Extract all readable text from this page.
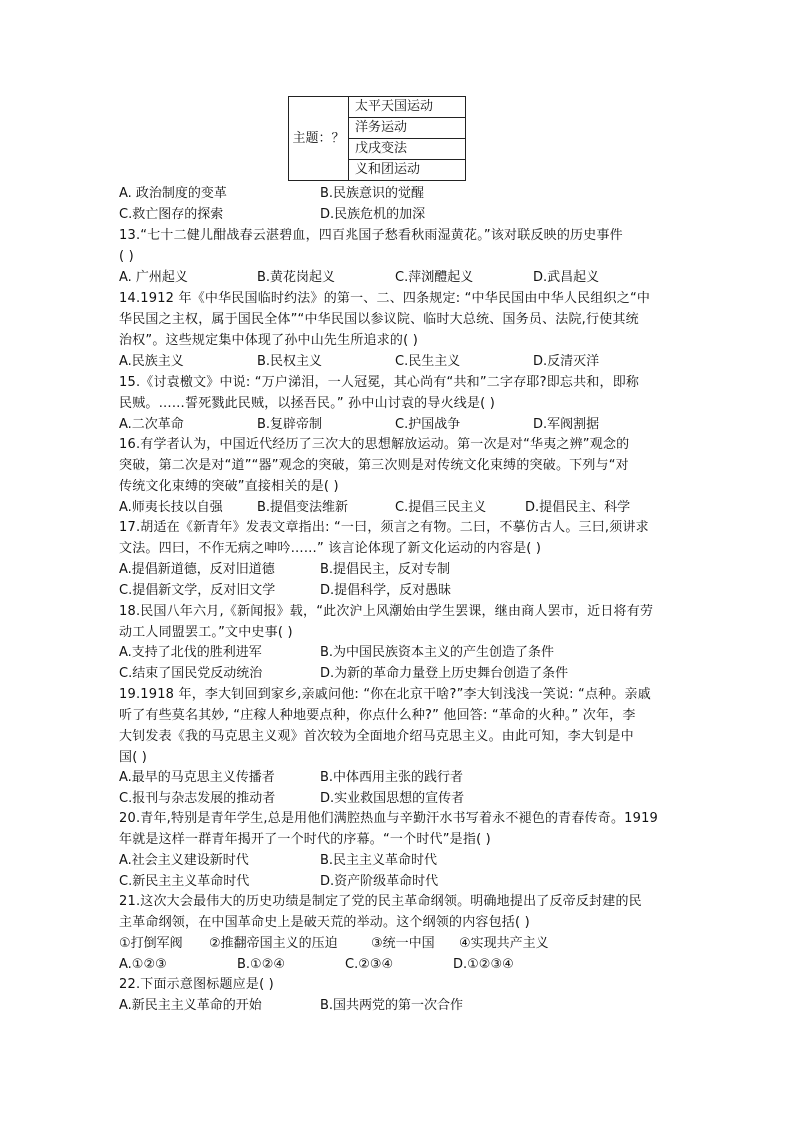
主题：？	太平天国运动
洋务运动
戊戌变法
义和团运动
A. 政治制度的变革	B.民族意识的觉醒
C.救亡图存的探索	D.民族危机的加深
13.“七十二健儿酣战春云湛碧血，四百兆国子愁看秋雨湿黄花。”该对联反映的历史事件
( )
A. 广州起义	B.黄花岗起义	C.萍浏醴起义	D.武昌起义
14.1912 年《中华民国临时约法》的第一、二、四条规定: “中华民国由中华人民组织之“中
华民国之主权，属于国民全体”“中华民国以参议院、临时大总统、国务员、法院,行使其统
治权”。这些规定集中体现了孙中山先生所追求的( )
A.民族主义	B.民权主义	C.民生主义	D.反清灭洋
15.《讨袁檄文》中说: “万户涕泪，一人冠冕，其心尚有“共和”二字存耶?即忘共和，即称
民贼。……誓死戮此民贼，以拯吾民。” 孙中山讨袁的导火线是( )
A.二次革命	B.复辟帝制	C.护国战争	D.军阀割据
16.有学者认为，中国近代经历了三次大的思想解放运动。第一次是对“华夷之辨”观念的
突破，第二次是对“道”“器”观念的突破，第三次则是对传统文化束缚的突破。下列与“对
传统文化束缚的突破”直接相关的是( )
A.师夷长技以自强	B.提倡变法维新	C.提倡三民主义	D.提倡民主、科学
17.胡适在《新青年》发表文章指出: “一曰，须言之有物。二曰，不摹仿古人。三曰,须讲求
文法。四曰，不作无病之呻吟……” 该言论体现了新文化运动的内容是( )
A.提倡新道德，反对旧道德	B.提倡民主，反对专制
C.提倡新文学，反对旧文学	D.提倡科学，反对愚昧
18.民国八年六月,《新闻报》载，“此次沪上风潮始由学生罢课，继由商人罢市，近日将有劳
动工人同盟罢工。”文中史事( )
A.支持了北伐的胜利进军	B.为中国民族资本主义的产生创造了条件
C.结束了国民党反动统治	D.为新的革命力量登上历史舞台创造了条件
19.1918 年，李大钊回到家乡,亲戚问他: “你在北京干啥?”李大钊浅浅一笑说: “点种。亲戚
听了有些莫名其妙, “庄稼人种地要点种，你点什么种?” 他回答: “革命的火种。” 次年，李
大钊发表《我的马克思主义观》首次较为全面地介绍马克思主义。由此可知，李大钊是中
国( )
A.最早的马克思主义传播者	B.中体西用主张的践行者
C.报刊与杂志发展的推动者	D.实业救国思想的宣传者
20.青年,特别是青年学生,总是用他们满腔热血与辛勤汗水书写着永不褪色的青春传奇。1919
年就是这样一群青年揭开了一个时代的序幕。“一个时代”是指( )
A.社会主义建设新时代	B.民主主义革命时代
C.新民主主义革命时代	D.资产阶级革命时代
21.这次大会最伟大的历史功绩是制定了党的民主革命纲领。明确地提出了反帝反封建的民
主革命纲领，在中国革命史上是破天荒的举动。这个纲领的内容包括( )
①打倒军阀 ②推翻帝国主义的压迫	③统一中国 ④实现共产主义
A.①②③	B.①②④	C.②③④	D.①②③④
22.下面示意图标题应是( )
A.新民主主义革命的开始	B.国共两党的第一次合作
